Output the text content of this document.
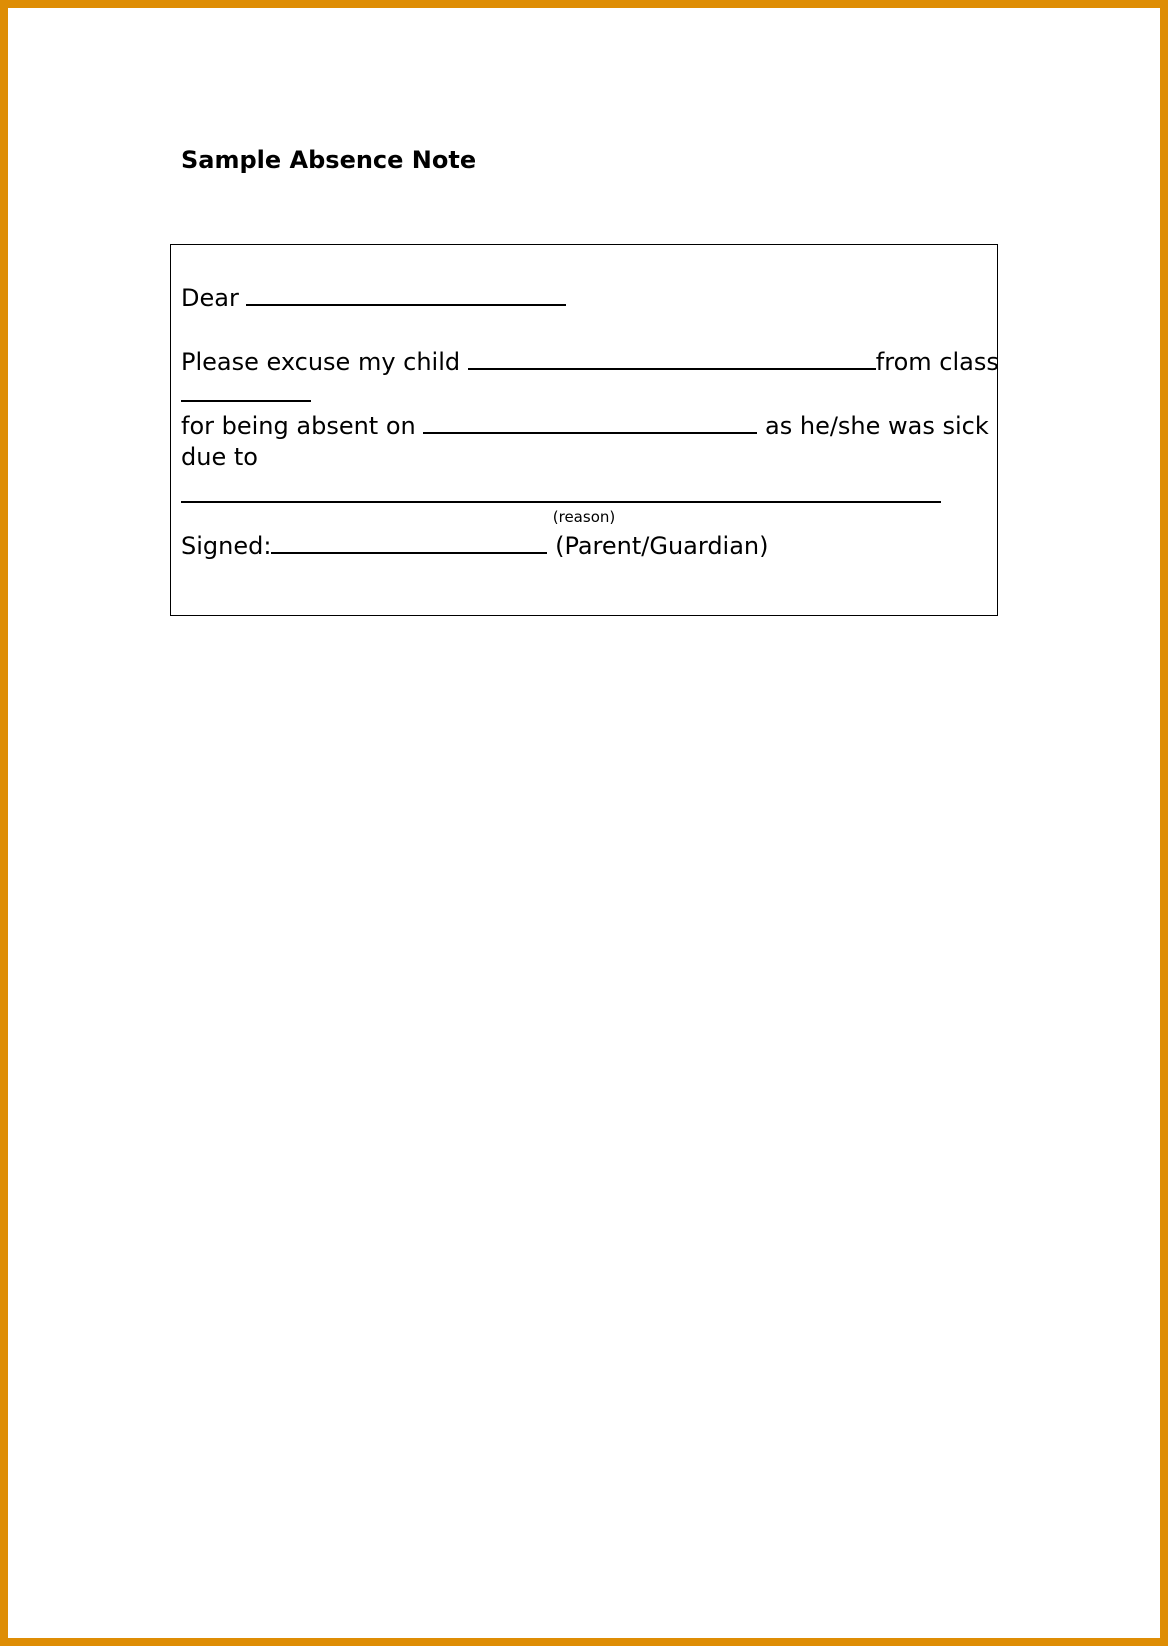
Sample Absence Note

Dear

Please excuse my child	from class

for being absent on	as he/she was sick

due to

(reason)

Signed:	(Parent/Guardian)
